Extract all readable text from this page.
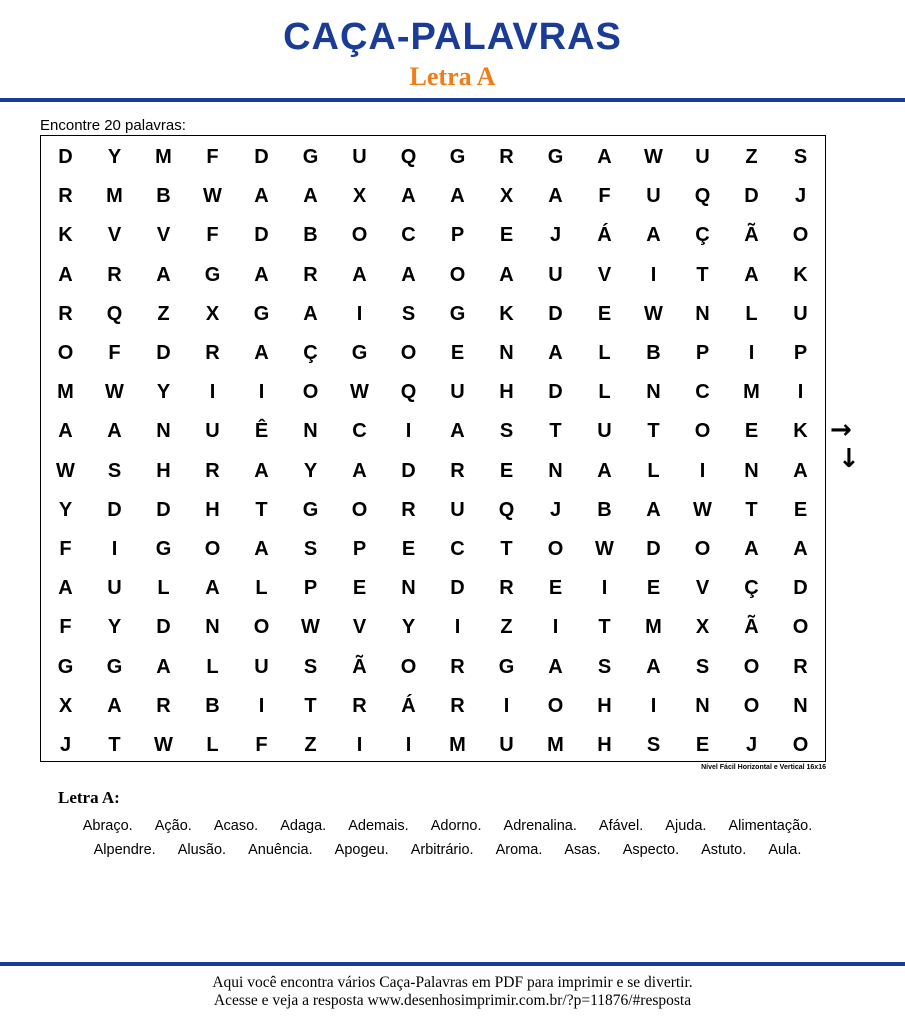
CAÇA-PALAVRAS
Letra A
Encontre 20 palavras:
D	Y	M	F	D	G	U	Q	G	R	G	A	W	U	Z	S
R	M	B	W	A	A	X	A	A	X	A	F	U	Q	D	J
K	V	V	F	D	B	O	C	P	E	J	Á	A	Ç	Ã	O
A	R	A	G	A	R	A	A	O	A	U	V	I	T	A	K
R	Q	Z	X	G	A	I	S	G	K	D	E	W	N	L	U
O	F	D	R	A	Ç	G	O	E	N	A	L	B	P	I	P
M	W	Y	I	I	O	W	Q	U	H	D	L	N	C	M	I
A	A	N	U	Ê	N	C	I	A	S	T	U	T	O	E	K
W	S	H	R	A	Y	A	D	R	E	N	A	L	I	N	A
Y	D	D	H	T	G	O	R	U	Q	J	B	A	W	T	E
F	I	G	O	A	S	P	E	C	T	O	W	D	O	A	A
A	U	L	A	L	P	E	N	D	R	E	I	E	V	Ç	D
F	Y	D	N	O	W	V	Y	I	Z	I	T	M	X	Ã	O
G	G	A	L	U	S	Ã	O	R	G	A	S	A	S	O	R
X	A	R	B	I	T	R	Á	R	I	O	H	I	N	O	N
J	T	W	L	F	Z	I	I	M	U	M	H	S	E	J	O
Nível Fácil Horizontal e Vertical 16x16
→
↓
Letra A:
Abraço. Ação. Acaso. Adaga. Ademais. Adorno. Adrenalina. Afável. Ajuda. Alimentação. Alpendre. Alusão. Anuência. Apogeu. Arbitrário. Aroma. Asas. Aspecto. Astuto. Aula.
Aqui você encontra vários Caça-Palavras em PDF para imprimir e se divertir.
Acesse e veja a resposta www.desenhosimprimir.com.br/?p=11876/#resposta
